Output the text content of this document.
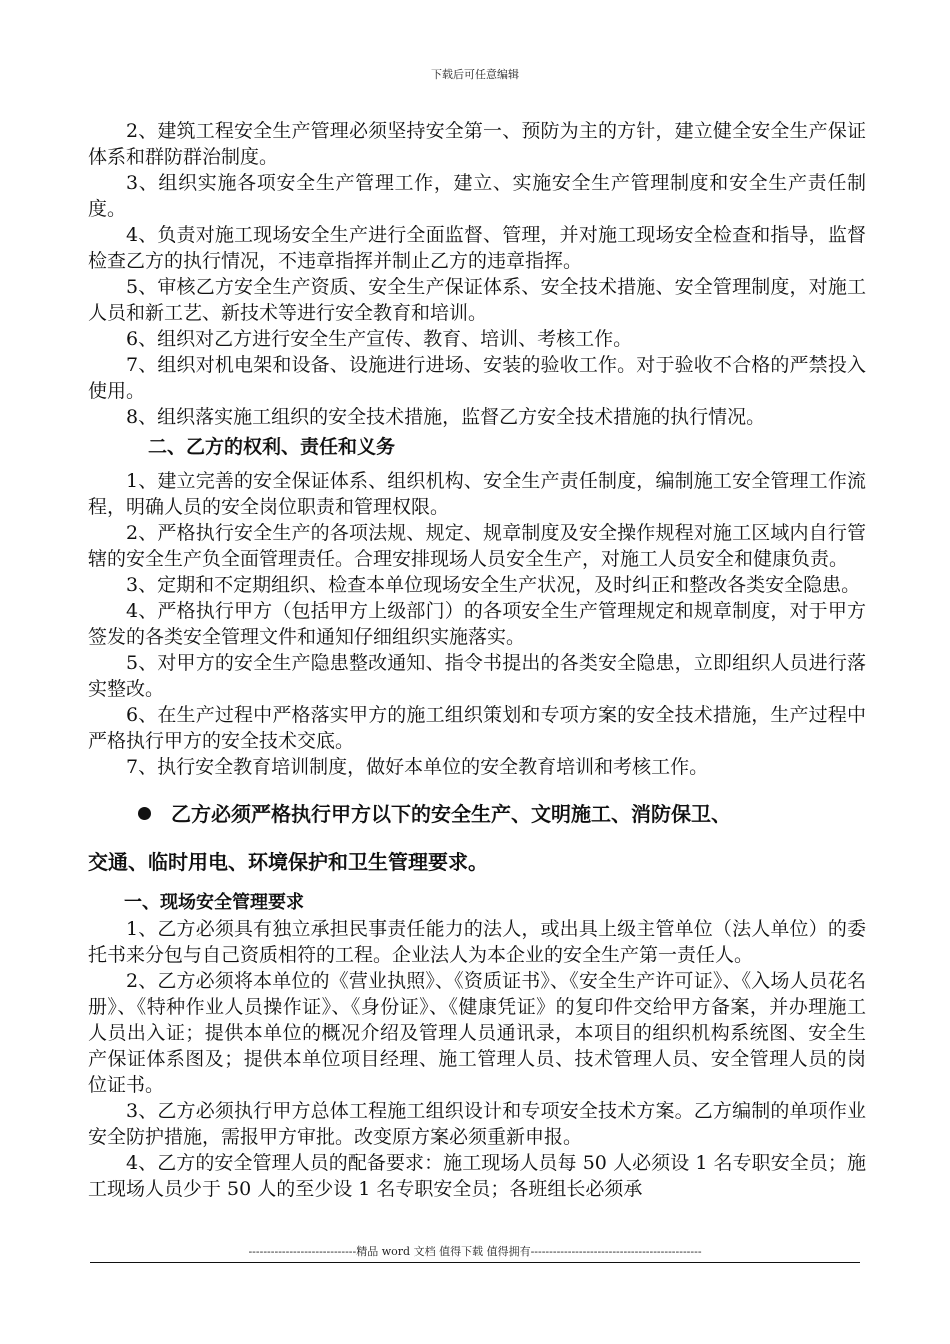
下载后可任意编辑

2、建筑工程安全生产管理必须坚持安全第一、预防为主的方针，建立健全安全生产保证体系和群防群治制度。

3、组织实施各项安全生产管理工作，建立、实施安全生产管理制度和安全生产责任制度。

4、负责对施工现场安全生产进行全面监督、管理，并对施工现场安全检查和指导，监督检查乙方的执行情况，不违章指挥并制止乙方的违章指挥。

5、审核乙方安全生产资质、安全生产保证体系、安全技术措施、安全管理制度，对施工人员和新工艺、新技术等进行安全教育和培训。

6、组织对乙方进行安全生产宣传、教育、培训、考核工作。

7、组织对机电架和设备、设施进行进场、安装的验收工作。对于验收不合格的严禁投入使用。

8、组织落实施工组织的安全技术措施，监督乙方安全技术措施的执行情况。

二、乙方的权利、责任和义务

1、建立完善的安全保证体系、组织机构、安全生产责任制度，编制施工安全管理工作流程，明确人员的安全岗位职责和管理权限。

2、严格执行安全生产的各项法规、规定、规章制度及安全操作规程对施工区域内自行管辖的安全生产负全面管理责任。合理安排现场人员安全生产，对施工人员安全和健康负责。

3、定期和不定期组织、检查本单位现场安全生产状况，及时纠正和整改各类安全隐患。

4、严格执行甲方（包括甲方上级部门）的各项安全生产管理规定和规章制度，对于甲方签发的各类安全管理文件和通知仔细组织实施落实。

5、对甲方的安全生产隐患整改通知、指令书提出的各类安全隐患，立即组织人员进行落实整改。

6、在生产过程中严格落实甲方的施工组织策划和专项方案的安全技术措施，生产过程中严格执行甲方的安全技术交底。

7、执行安全教育培训制度，做好本单位的安全教育培训和考核工作。

乙方必须严格执行甲方以下的安全生产、文明施工、消防保卫、
交通、临时用电、环境保护和卫生管理要求。
一、现场安全管理要求

1、乙方必须具有独立承担民事责任能力的法人，或出具上级主管单位（法人单位）的委托书来分包与自己资质相符的工程。企业法人为本企业的安全生产第一责任人。

2、乙方必须将本单位的《营业执照》、《资质证书》、《安全生产许可证》、《入场人员花名册》、《特种作业人员操作证》、《身份证》、《健康凭证》的复印件交给甲方备案，并办理施工人员出入证；提供本单位的概况介绍及管理人员通讯录，本项目的组织机构系统图、安全生产保证体系图及；提供本单位项目经理、施工管理人员、技术管理人员、安全管理人员的岗位证书。

3、乙方必须执行甲方总体工程施工组织设计和专项安全技术方案。乙方编制的单项作业安全防护措施，需报甲方审批。改变原方案必须重新申报。

4、乙方的安全管理人员的配备要求：施工现场人员每 50 人必须设 1 名专职安全员；施工现场人员少于 50 人的至少设 1 名专职安全员；各班组长必须承

-----------------------------精品 word 文档 值得下载 值得拥有----------------------------------------------
